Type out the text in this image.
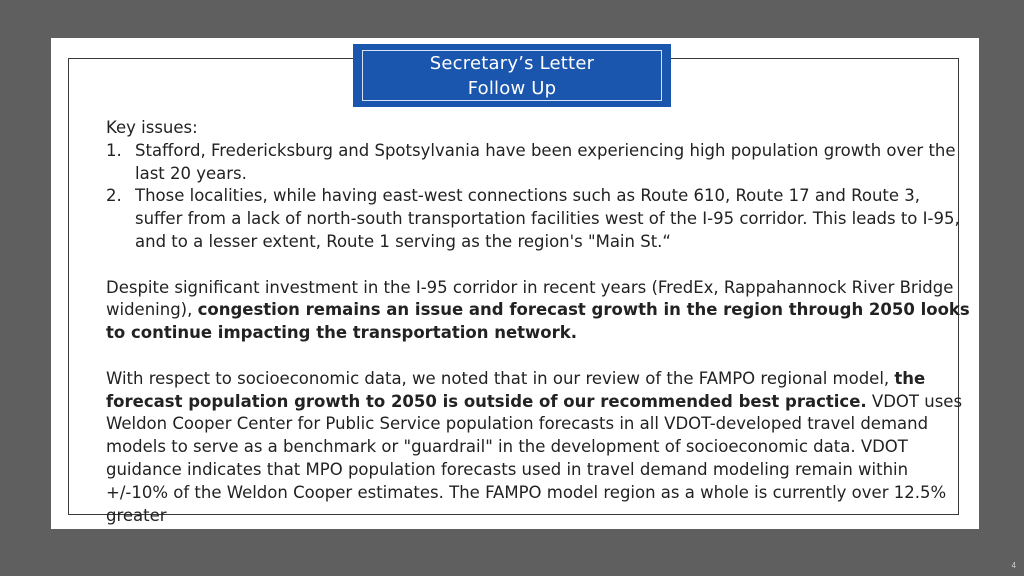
Key issues:

1. Stafford, Fredericksburg and Spotsylvania have been experiencing high population growth over the last 20 years.
2. Those localities, while having east-west connections such as Route 610, Route 17 and Route 3, suffer from a lack of north-south transportation facilities west of the I-95 corridor. This leads to I-95, and to a lesser extent, Route 1 serving as the region's "Main St.“

Despite significant investment in the I-95 corridor in recent years (FredEx, Rappahannock River Bridge widening), congestion remains an issue and forecast growth in the region through 2050 looks to continue impacting the transportation network.

With respect to socioeconomic data, we noted that in our review of the FAMPO regional model, the forecast population growth to 2050 is outside of our recommended best practice. VDOT uses Weldon Cooper Center for Public Service population forecasts in all VDOT-developed travel demand models to serve as a benchmark or "guardrail" in the development of socioeconomic data. VDOT guidance indicates that MPO population forecasts used in travel demand modeling remain within +/-10% of the Weldon Cooper estimates. The FAMPO model region as a whole is currently over 12.5% greater

Secretary’s Letter
Follow Up
4
